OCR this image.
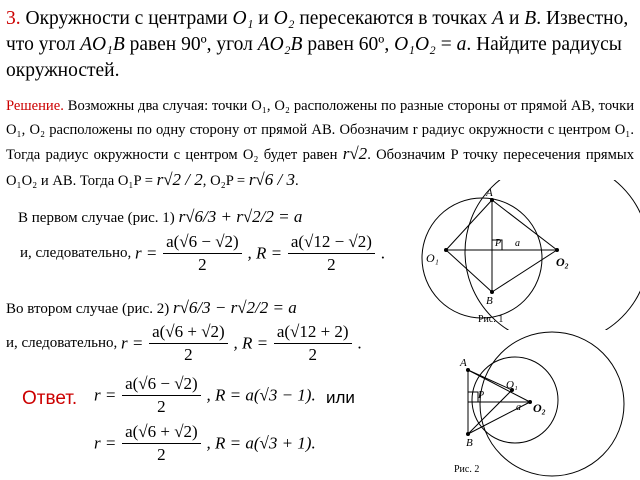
3. Окружности с центрами O₁ и O₂ пересекаются в точках A и B. Известно, что угол AO₁B равен 90º, угол AO₂B равен 60º, O₁O₂ = a. Найдите радиусы окружностей.
Решение. Возможны два случая: точки O₁, O₂ расположены по разные стороны от прямой AB, точки O₁, O₂ расположены по одну сторону от прямой AB. Обозначим r радиус окружности с центром O₁. Тогда радиус окружности с центром O₂ будет равен r√2. Обозначим P точку пересечения прямых O₁O₂ и AB. Тогда O₁P = r√2 / 2, O₂P = r√6 / 3.
В первом случае (рис. 1) r√6/3 + r√2/2 = a
и, следовательно, $r = \frac{a(√6 - √2)}{2}$ , $R = \frac{a(√12 - √2)}{2}$ .
Во втором случае (рис. 2) r√6/3 − r√2/2 = a
и, следовательно, $r = \frac{a(√6 + √2)}{2}$ , $R = \frac{a(√12 + 2)}{2}$ .
Ответ. $r = \frac{a(√6 - √2)}{2}$ , R = a(√3 − 1). или
$r = \frac{a(√6 + √2)}{2}$ , R = a(√3 + 1).
A
B
P a
O₁	O₂
Рис. 1
A
B
P
a
O₁
O₂
Рис. 2
